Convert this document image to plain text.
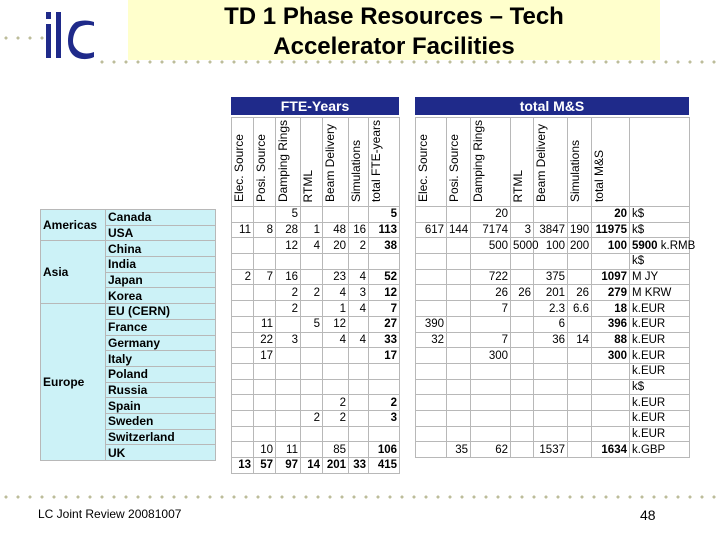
ilc
TD 1 Phase Resources – Tech
Accelerator Facilities
FTE-Years	total M&S
Americas	Canada
	USA
Asia	China
	India
	Japan
	Korea
Europe	EU (CERN)
	France
	Germany
	Italy
	Poland
	Russia
	Spain
	Sweden
	Switzerland
	UK
Elec. Source	Posi. Source	Damping Rings	RTML	Beam Delivery	Simulations	total FTE-years
		5				5
11	8	28	1	48	16	113
		12	4	20	2	38

2	7	16		23	4	52
		2	2	4	3	12
		2		1	4	7
	11		5	12		27
	22	3		4	4	33
	17					17

				2		2
			2	2		3

	10	11		85		106
13	57	97	14	201	33	415
Elec. Source	Posi. Source	Damping Rings	RTML	Beam Delivery	Simulations	total M&S	
		20				20	k$
617	144	7174	3	3847	190	11975	k$
		500	5000	100	200	100	5900 k.RMB
							k$
		722		375		1097	M JY
		26	26	201	26	279	M KRW
		7		2.3	6.6	18	k.EUR
390				6		396	k.EUR
32		7		36	14	88	k.EUR
		300				300	k.EUR
							k.EUR
							k$
							k.EUR
							k.EUR
							k.EUR
	35	62		1537		1634	k.GBP
LC Joint Review 20081007	48
